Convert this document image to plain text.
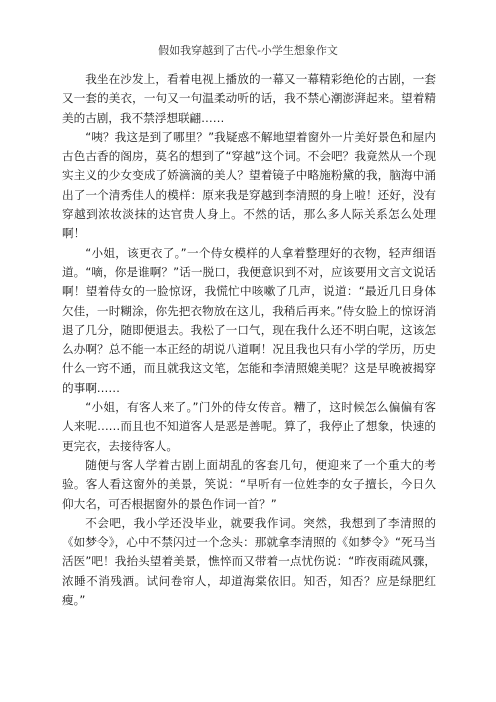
假如我穿越到了古代-小学生想象作文

我坐在沙发上，看着电视上播放的一幕又一幕精彩绝伦的古剧，一套又一套的美衣，一句又一句温柔动听的话，我不禁心潮澎湃起来。望着精美的古剧，我不禁浮想联翩……

“咦？我这是到了哪里？”我疑惑不解地望着窗外一片美好景色和屋内古色古香的阁房，莫名的想到了“穿越”这个词。不会吧？我竟然从一个现实主义的少女变成了娇滴滴的美人？望着镜子中略施粉黛的我，脑海中涌出了一个清秀佳人的模样：原来我是穿越到李清照的身上啦！还好，没有穿越到浓妆淡抹的达官贵人身上。不然的话，那么多人际关系怎么处理啊！

“小姐，该更衣了。”一个侍女模样的人拿着整理好的衣物，轻声细语道。“嘀，你是谁啊？”话一脱口，我便意识到不对，应该要用文言文说话啊！望着侍女的一脸惊讶，我慌忙中咳嗽了几声，说道：“最近几日身体欠佳，一时糊涂，你先把衣物放在这儿，我稍后再来。”侍女脸上的惊讶消退了几分，随即便退去。我松了一口气，现在我什么还不明白呢，这该怎么办啊？总不能一本正经的胡说八道啊！况且我也只有小学的学历，历史什么一窍不通，而且就我这文笔，怎能和李清照媲美呢？这是早晚被揭穿的事啊……

“小姐，有客人来了。”门外的侍女传音。糟了，这时候怎么偏偏有客人来呢……而且也不知道客人是恶是善呢。算了，我停止了想象，快速的更完衣，去接待客人。

随便与客人学着古剧上面胡乱的客套几句，便迎来了一个重大的考验。客人看这窗外的美景，笑说：“早听有一位姓李的女子擅长，今日久仰大名，可否根据窗外的景色作词一首？”

不会吧，我小学还没毕业，就要我作词。突然，我想到了李清照的《如梦令》，心中不禁闪过一个念头：那就拿李清照的《如梦令》“死马当活医”吧！我抬头望着美景，憔悴而又带着一点忧伤说：“昨夜雨疏风骤，浓睡不消残酒。试问卷帘人，却道海棠依旧。知否，知否？应是绿肥红瘦。”
